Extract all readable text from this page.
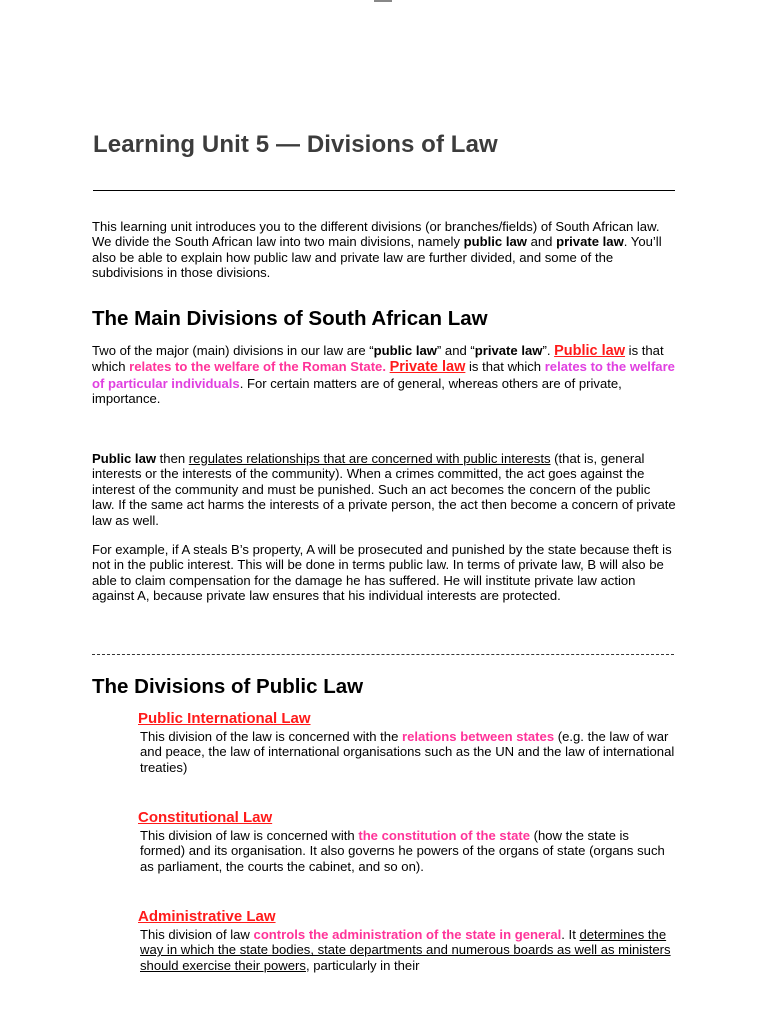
Learning Unit 5 — Divisions of Law

This learning unit introduces you to the different divisions (or branches/fields) of South African law. We divide the South African law into two main divisions, namely public law and private law. You’ll also be able to explain how public law and private law are further divided, and some of the subdivisions in those divisions.

The Main Divisions of South African Law

Two of the major (main) divisions in our law are “public law” and “private law”. Public law is that which relates to the welfare of the Roman State. Private law is that which relates to the welfare of particular individuals. For certain matters are of general, whereas others are of private, importance.

Public law then regulates relationships that are concerned with public interests (that is, general interests or the interests of the community). When a crimes committed, the act goes against the interest of the community and must be punished. Such an act becomes the concern of the public law. If the same act harms the interests of a private person, the act then become a concern of private law as well.

For example, if A steals B’s property, A will be prosecuted and punished by the state because theft is not in the public interest. This will be done in terms public law. In terms of private law, B will also be able to claim compensation for the damage he has suffered. He will institute private law action against A, because private law ensures that his individual interests are protected.

The Divisions of Public Law
Public International Law

This division of the law is concerned with the relations between states (e.g. the law of war and peace, the law of international organisations such as the UN and the law of international treaties)

Constitutional Law

This division of law is concerned with the constitution of the state (how the state is formed) and its organisation. It also governs he powers of the organs of state (organs such as parliament, the courts the cabinet, and so on).

Administrative Law

This division of law controls the administration of the state in general. It determines the way in which the state bodies, state departments and numerous boards as well as ministers should exercise their powers, particularly in their
